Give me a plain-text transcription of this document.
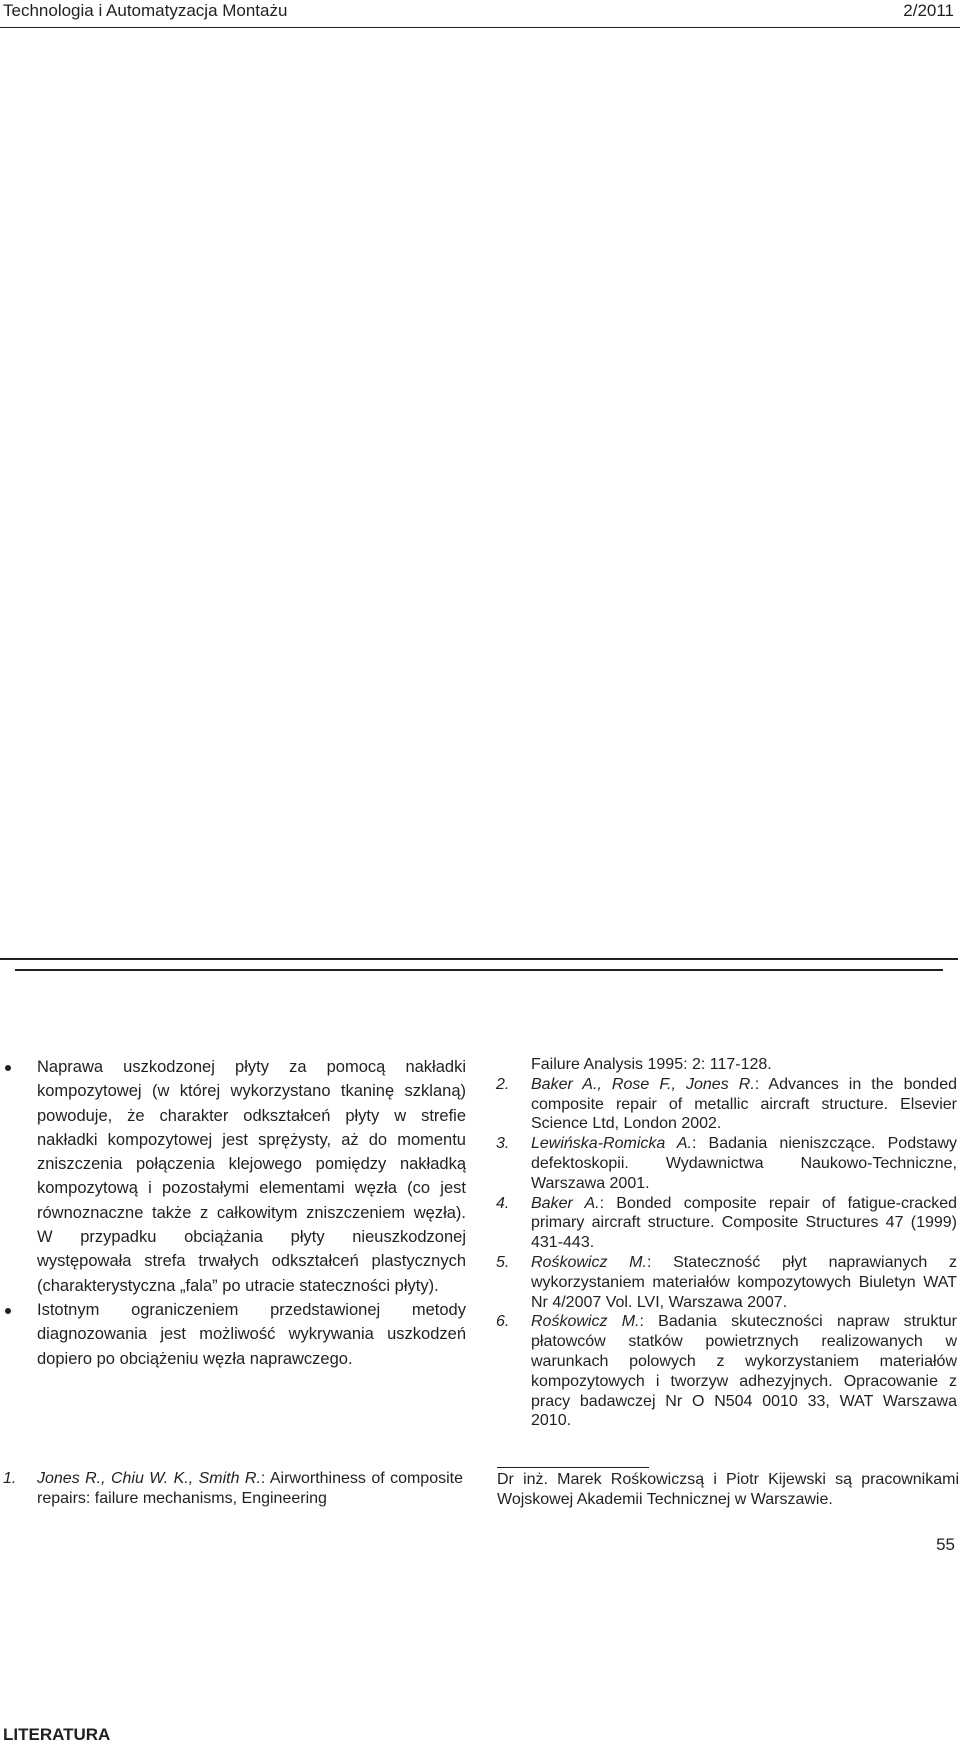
Technologia i Automatyzacja Montażu	2/2011
Naprawa uszkodzonej płyty za pomocą nakładki kompozytowej (w której wykorzystano tkaninę szklaną) powoduje, że charakter odkształceń płyty w strefie nakładki kompozytowej jest sprężysty, aż do momentu zniszczenia połączenia klejowego pomiędzy nakładką kompozytową i pozostałymi elementami węzła (co jest równoznaczne także z całkowitym zniszczeniem węzła). W przypadku obciążania płyty nieuszkodzonej występowała strefa trwałych odkształceń plastycznych (charakterystyczna „fala” po utracie stateczności płyty).
Istotnym ograniczeniem przedstawionej metody diagnozowania jest możliwość wykrywania uszkodzeń dopiero po obciążeniu węzła naprawczego.
LITERATURA
1. Jones R., Chiu W. K., Smith R.: Airworthiness of composite repairs: failure mechanisms, Engineering
Failure Analysis 1995: 2: 117-128.
2. Baker A., Rose F., Jones R.: Advances in the bonded composite repair of metallic aircraft structure. Elsevier Science Ltd, London 2002.
3. Lewińska-Romicka A.: Badania nieniszczące. Podstawy defektoskopii. Wydawnictwa Naukowo-Techniczne, Warszawa 2001.
4. Baker A.: Bonded composite repair of fatigue-cracked primary aircraft structure. Composite Structures 47 (1999) 431-443.
5. Rośkowicz M.: Stateczność płyt naprawianych z wykorzystaniem materiałów kompozytowych Biuletyn WAT Nr 4/2007 Vol. LVI, Warszawa 2007.
6. Rośkowicz M.: Badania skuteczności napraw struktur płatowców statków powietrznych realizowanych w warunkach polowych z wykorzystaniem materiałów kompozytowych i tworzyw adhezyjnych. Opracowanie z pracy badawczej Nr O N504 0010 33, WAT Warszawa 2010.
Dr inż. Marek Rośkowiczsą i Piotr Kijewski są pracownikami Wojskowej Akademii Technicznej w Warszawie.
55
